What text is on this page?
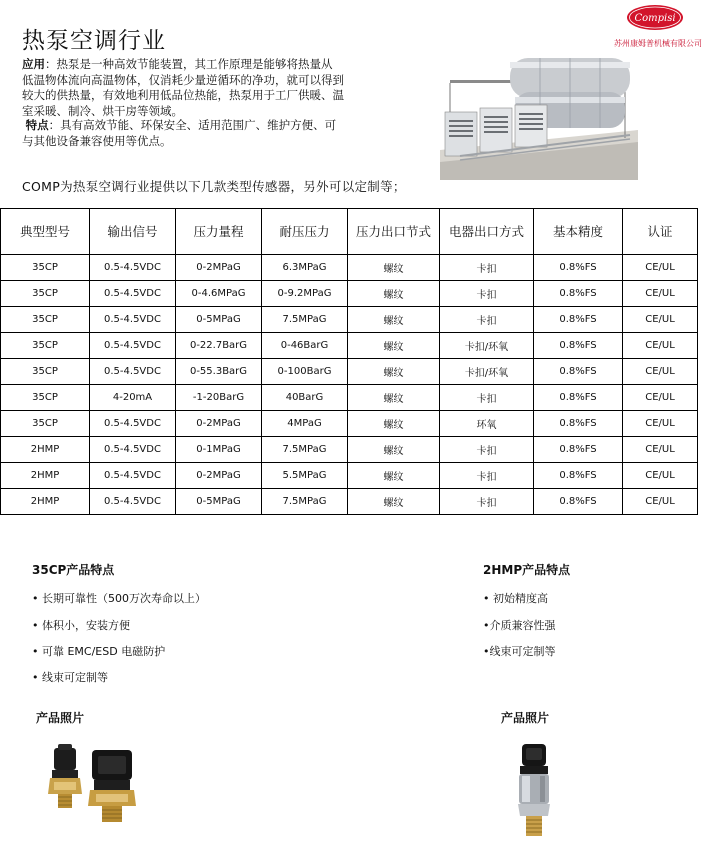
热泵空调行业
Compisi
苏州康姆普机械有限公司
应用：热泵是一种高效节能装置，其工作原理是能够将热量从
低温物体流向高温物体，仅消耗少量逆循环的净功，就可以得到
较大的供热量，有效地利用低品位热能，热泵用于工厂供暖、温
室采暖、制冷、烘干房等领域。
特点：具有高效节能、环保安全、适用范围广、维护方便、可
与其他设备兼容使用等优点。
COMP为热泵空调行业提供以下几款类型传感器，另外可以定制等；
典型型号	输出信号	压力量程	耐压压力	压力出口节式	电器出口方式	基本精度	认证
35CP	0.5-4.5VDC	0-2MPaG	6.3MPaG	螺纹	卡扣	0.8%FS	CE/UL
35CP	0.5-4.5VDC	0-4.6MPaG	0-9.2MPaG	螺纹	卡扣	0.8%FS	CE/UL
35CP	0.5-4.5VDC	0-5MPaG	7.5MPaG	螺纹	卡扣	0.8%FS	CE/UL
35CP	0.5-4.5VDC	0-22.7BarG	0-46BarG	螺纹	卡扣/环氧	0.8%FS	CE/UL
35CP	0.5-4.5VDC	0-55.3BarG	0-100BarG	螺纹	卡扣/环氧	0.8%FS	CE/UL
35CP	4-20mA	-1-20BarG	40BarG	螺纹	卡扣	0.8%FS	CE/UL
35CP	0.5-4.5VDC	0-2MPaG	4MPaG	螺纹	环氧	0.8%FS	CE/UL
2HMP	0.5-4.5VDC	0-1MPaG	7.5MPaG	螺纹	卡扣	0.8%FS	CE/UL
2HMP	0.5-4.5VDC	0-2MPaG	5.5MPaG	螺纹	卡扣	0.8%FS	CE/UL
2HMP	0.5-4.5VDC	0-5MPaG	7.5MPaG	螺纹	卡扣	0.8%FS	CE/UL
35CP产品特点
• 长期可靠性（500万次寿命以上）
• 体积小，安装方便
• 可靠 EMC/ESD 电磁防护
• 线束可定制等
产品照片
2HMP产品特点
• 初始精度高
•介质兼容性强
•线束可定制等
产品照片
